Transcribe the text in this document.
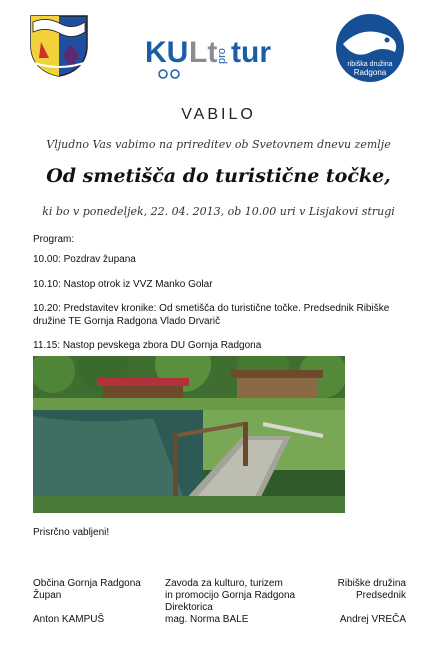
KU Lt
pro tur	ribiška družina
Radgona
VABILO
Vljudno Vas vabimo na prireditev ob Svetovnem dnevu zemlje
Od smetišča do turistične točke,
ki bo v ponedeljek, 22. 04. 2013, ob 10.00 uri v Lisjakovi strugi
Program:
10.00: Pozdrav župana
10.10: Nastop otrok iz VVZ Manko Golar
10.20: Predstavitev kronike: Od smetišča do turistične točke. Predsednik Ribiške družine TE Gornja Radgona Vlado Drvarič
11.15: Nastop pevskega zbora DU Gornja Radgona
Prisrčno vabljeni!
Občina Gornja Radgona
Župan
Anton KAMPUŠ
Zavoda za kulturo, turizem
in promocijo Gornja Radgona
Direktorica
mag. Norma BALE
Ribiške družina
Predsednik
Andrej VREČA
